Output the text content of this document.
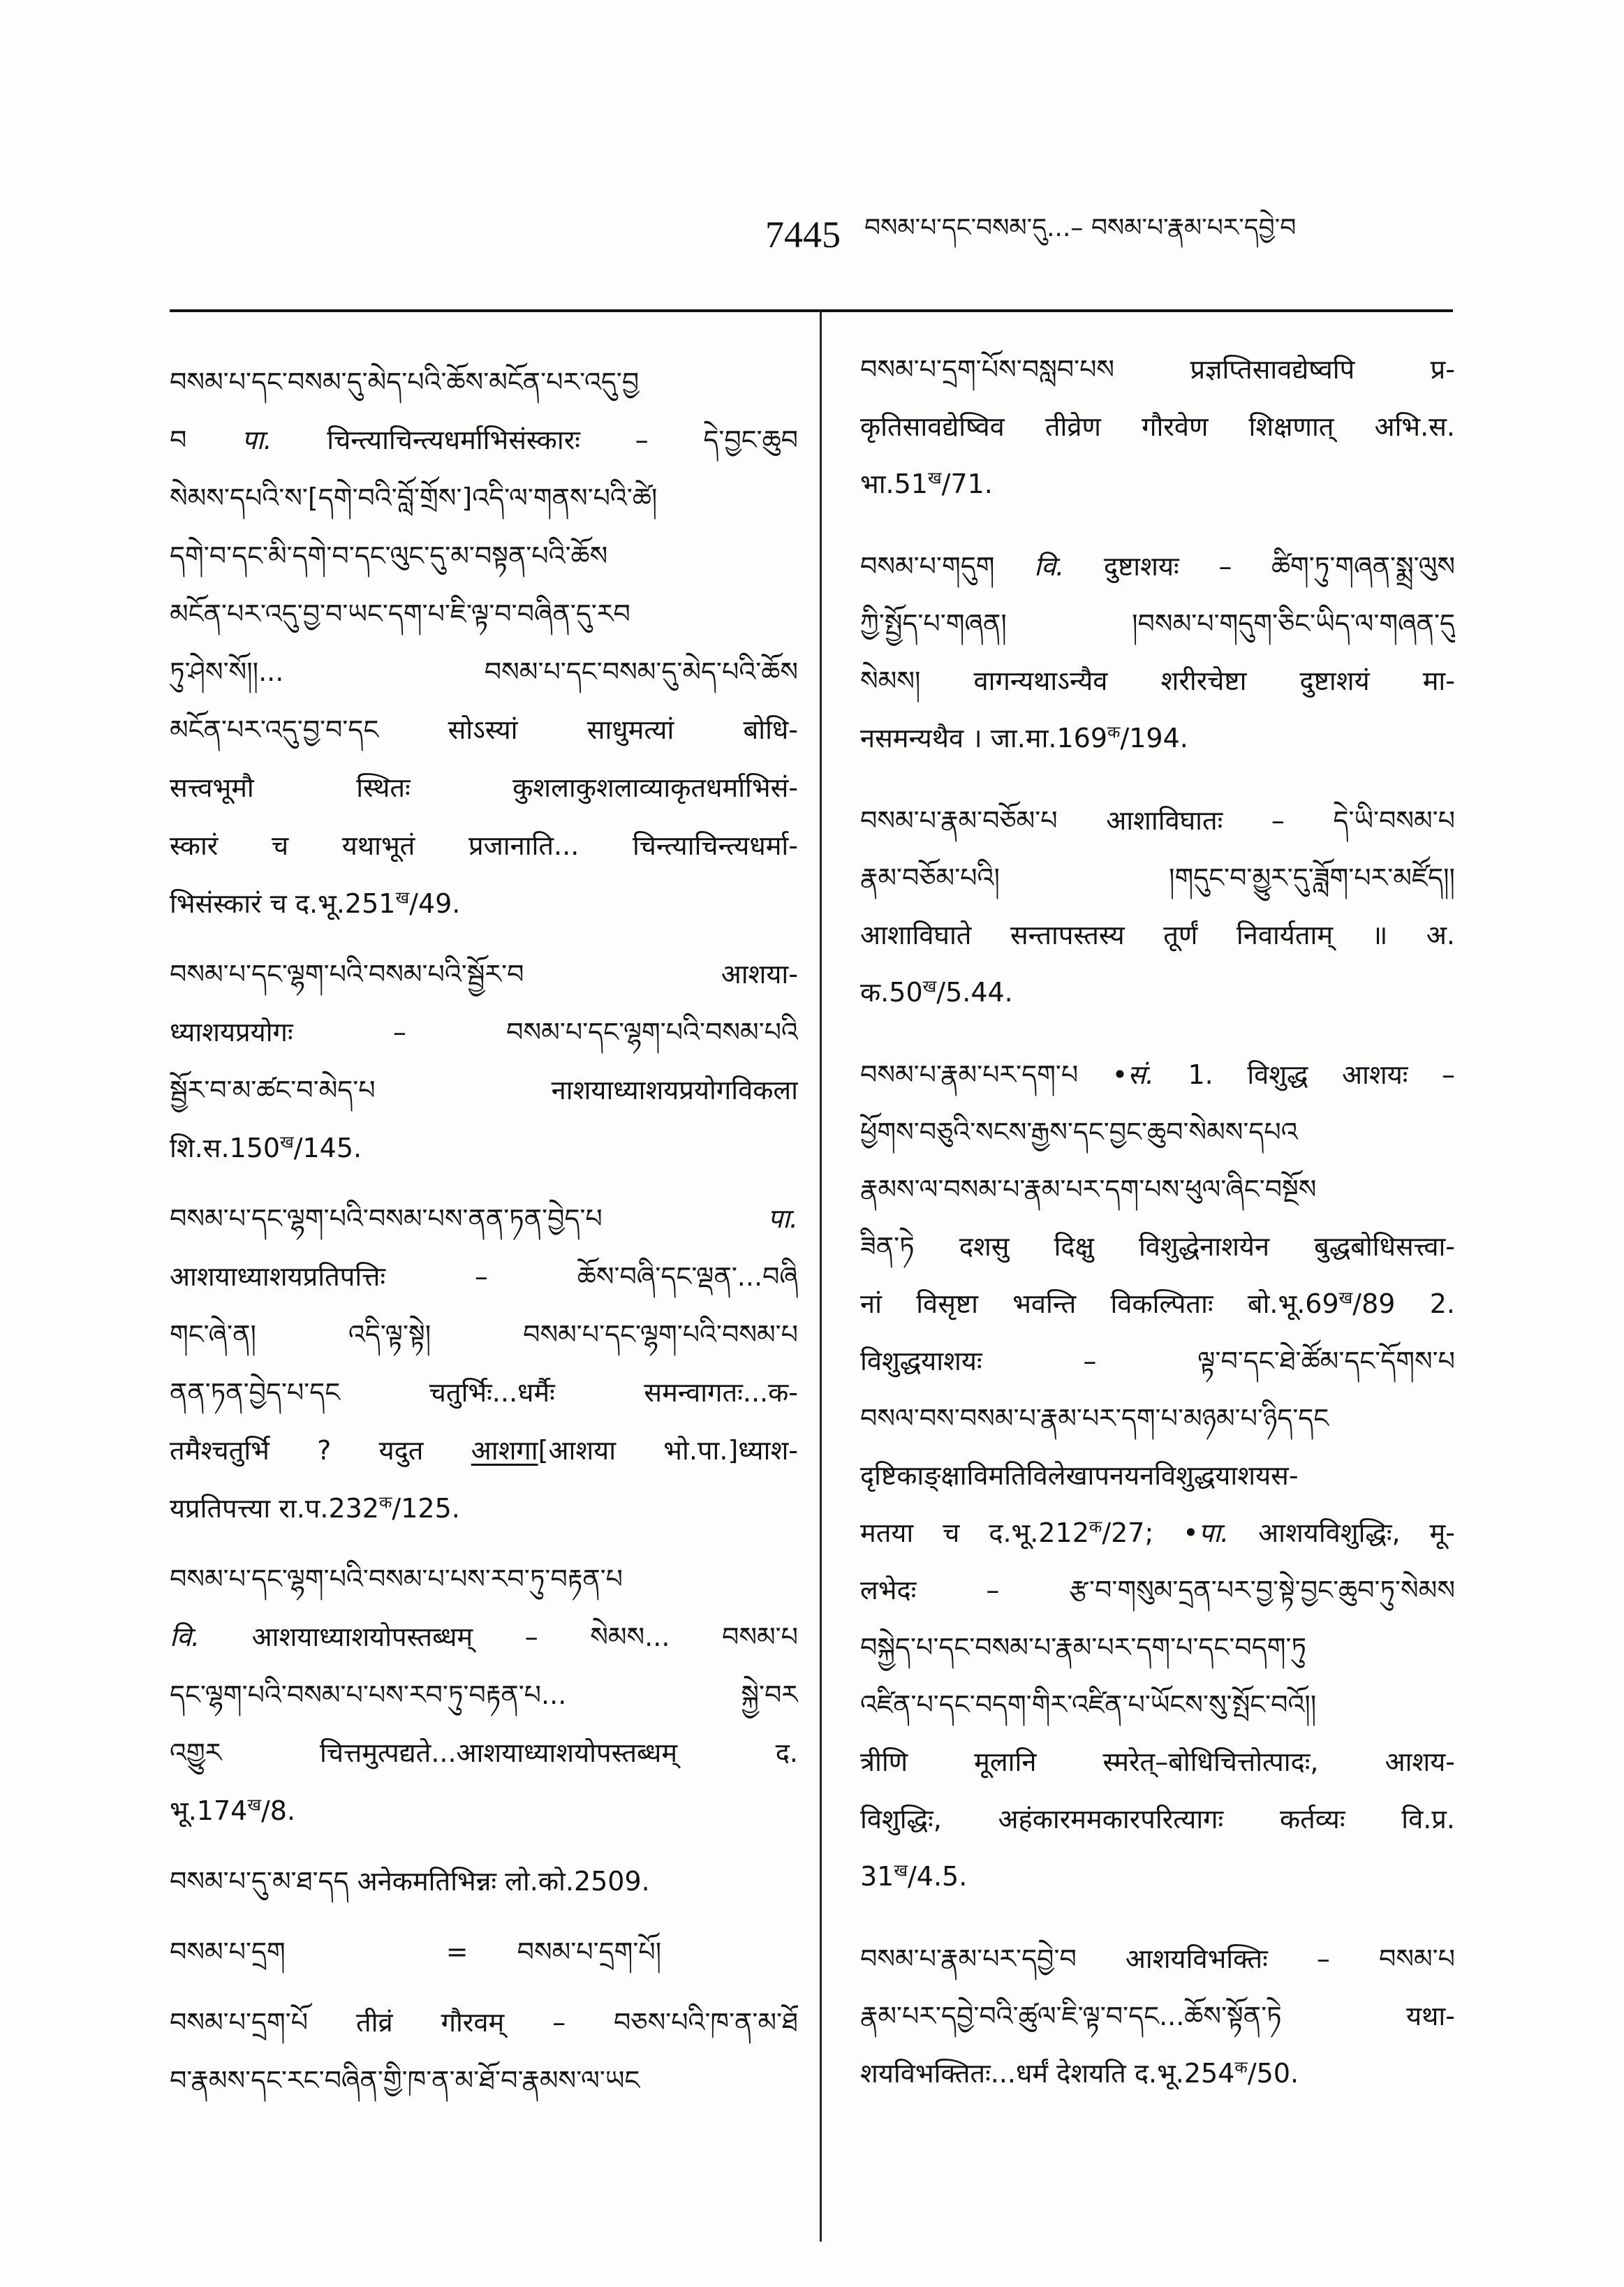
7445 བསམ་པ་དང་བསམ་དུ...– བསམ་པ་རྣམ་པར་དབྱེ་བ
བསམ་པ་དང་བསམ་དུ་མེད་པའི་ཆོས་མངོན་པར་འདུ་བྱ
བ पा. चिन्त्याचिन्त्यधर्माभिसंस्कारः – དེ་བྱང་ཆུབ
སེམས་དཔའི་ས་[དགེ་བའི་བློ་གྲོས་]འདི་ལ་གནས་པའི་ཚེ།
དགེ་བ་དང་མི་དགེ་བ་དང་ལུང་དུ་མ་བསྟན་པའི་ཆོས
མངོན་པར་འདུ་བྱ་བ་ཡང་དག་པ་ཇི་ལྟ་བ་བཞིན་དུ་རབ
ཏུ་ཤེས་སོ།།... བསམ་པ་དང་བསམ་དུ་མེད་པའི་ཆོས
མངོན་པར་འདུ་བྱ་བ་དང सोऽस्यां साधुमत्यां बोधि-
सत्त्वभूमौ स्थितः कुशलाकुशलाव्याकृतधर्माभिसं-
स्कारं च यथाभूतं प्रजानाति... चिन्त्याचिन्त्यधर्मा-
भिसंस्कारं च $द.भू.251^ख/49$.
བསམ་པ་དང་ལྷག་པའི་བསམ་པའི་སྦྱོར་བ आशया-
ध्याशयप्रयोगः – བསམ་པ་དང་ལྷག་པའི་བསམ་པའི
སྦྱོར་བ་མ་ཚང་བ་མེད་པ नाशयाध्याशयप्रयोगविकला
$शि.स.150^ख/145$.
བསམ་པ་དང་ལྷག་པའི་བསམ་པས་ནན་ཏན་བྱེད་པ पा.
आशयाध्याशयप्रतिपत्तिः – ཆོས་བཞི་དང་ལྡན་...བཞི
གང་ཞེ་ན། འདི་ལྟ་སྟེ། བསམ་པ་དང་ལྷག་པའི་བསམ་པ
ནན་ཏན་བྱེད་པ་དང चतुर्भिः...धर्मैः समन्वागतः...क-
तमैश्चतुर्भि ? यदुत आशगा[आशया भो.पा.]ध्याश-
यप्रतिपत्त्या $रा.प.232^क/125$.
བསམ་པ་དང་ལྷག་པའི་བསམ་པ་པས་རབ་ཏུ་བརྟན་པ
वि. आशयाध्याशयोपस्तब्धम् – སེམས... བསམ་པ
དང་ལྷག་པའི་བསམ་པ་པས་རབ་ཏུ་བརྟན་པ... སྐྱེ་བར
འགྱུར चित्तमुत्पद्यते...आशयाध्याशयोपस्तब्धम् द.
$भू.174^ख/8$.
བསམ་པ་དུ་མ་ཐ་དད अनेकमतिभिन्नः लो.को.2509.
བསམ་པ་དྲག	= བསམ་པ་དྲག་པོ།
བསམ་པ་དྲག་པོ तीव्रं गौरवम् – བཅས་པའི་ཁ་ན་མ་ཐོ
བ་རྣམས་དང་རང་བཞིན་གྱི་ཁ་ན་མ་ཐོ་བ་རྣམས་ལ་ཡང
བསམ་པ་དྲག་པོས་བསླབ་པས प्रज्ञप्तिसावद्येष्वपि प्र-
कृतिसावद्येष्विव तीव्रेण गौरवेण शिक्षणात् अभि.स.
$भा.51^ख/71$.
བསམ་པ་གདུག वि. दुष्टाशयः – ཚིག་ཏུ་གཞན་སྨྲ་ལུས
ཀྱི་སྤྱོད་པ་གཞན། །བསམ་པ་གདུག་ཅིང་ཡིད་ལ་གཞན་དུ
སེམས། वागन्यथाऽन्यैव शरीरचेष्टा दुष्टाशयं मा-
नसमन्यथैव । $जा.मा.169^क/194$.
བསམ་པ་རྣམ་བཅོམ་པ आशाविघातः – དེ་ཡི་བསམ་པ
རྣམ་བཅོམ་པའི། །གདུང་བ་མྱུར་དུ་ཟློག་པར་མཛོད།།
आशाविघाते सन्तापस्तस्य तूर्णं निवार्यताम् ॥ अ.
$क.50^ख/5.44$.
བསམ་པ་རྣམ་པར་དག་པ •सं. 1. विशुद्ध आशयः –
ཕྱོགས་བཅུའི་སངས་རྒྱས་དང་བྱང་ཆུབ་སེམས་དཔའ
རྣམས་ལ་བསམ་པ་རྣམ་པར་དག་པས་ཕུལ་ཞིང་བསྔོས
ཟིན་ཏེ दशसु दिक्षु विशुद्धेनाशयेन बुद्धबोधिसत्त्वा-
नां विसृष्टा भवन्ति विकल्पिताः $बो.भू.69^ख/89$ 2.
विशुद्धयाशयः – ལྟ་བ་དང་ཐེ་ཚོམ་དང་དོགས་པ
བསལ་བས་བསམ་པ་རྣམ་པར་དག་པ་མཉམ་པ་ཉིད་དང
दृष्टिकाङ्क्षाविमतिविलेखापनयनविशुद्धयाशयस-
मतया च $द.भू.212^क/27$; •पा. आशयविशुद्धिः, मू-
लभेदः – རྩ་བ་གསུམ་དྲན་པར་བྱ་སྟེ་བྱང་ཆུབ་ཏུ་སེམས
བསྐྱེད་པ་དང་བསམ་པ་རྣམ་པར་དག་པ་དང་བདག་ཏུ
འཛིན་པ་དང་བདག་གིར་འཛིན་པ་ཡོངས་སུ་སྤོང་བའོ།།
त्रीणि मूलानि स्मरेत्–बोधिचित्तोत्पादः, आशय-
विशुद्धिः, अहंकारममकारपरित्यागः कर्तव्यः वि.प्र.
$31^ख/4.5$.
བསམ་པ་རྣམ་པར་དབྱེ་བ आशयविभक्तिः – བསམ་པ
རྣམ་པར་དབྱེ་བའི་ཚུལ་ཇི་ལྟ་བ་དང...ཆོས་སྟོན་ཏེ यथा-
शयविभक्तितः...धर्मं देशयति $द.भू.254^क/50$.
